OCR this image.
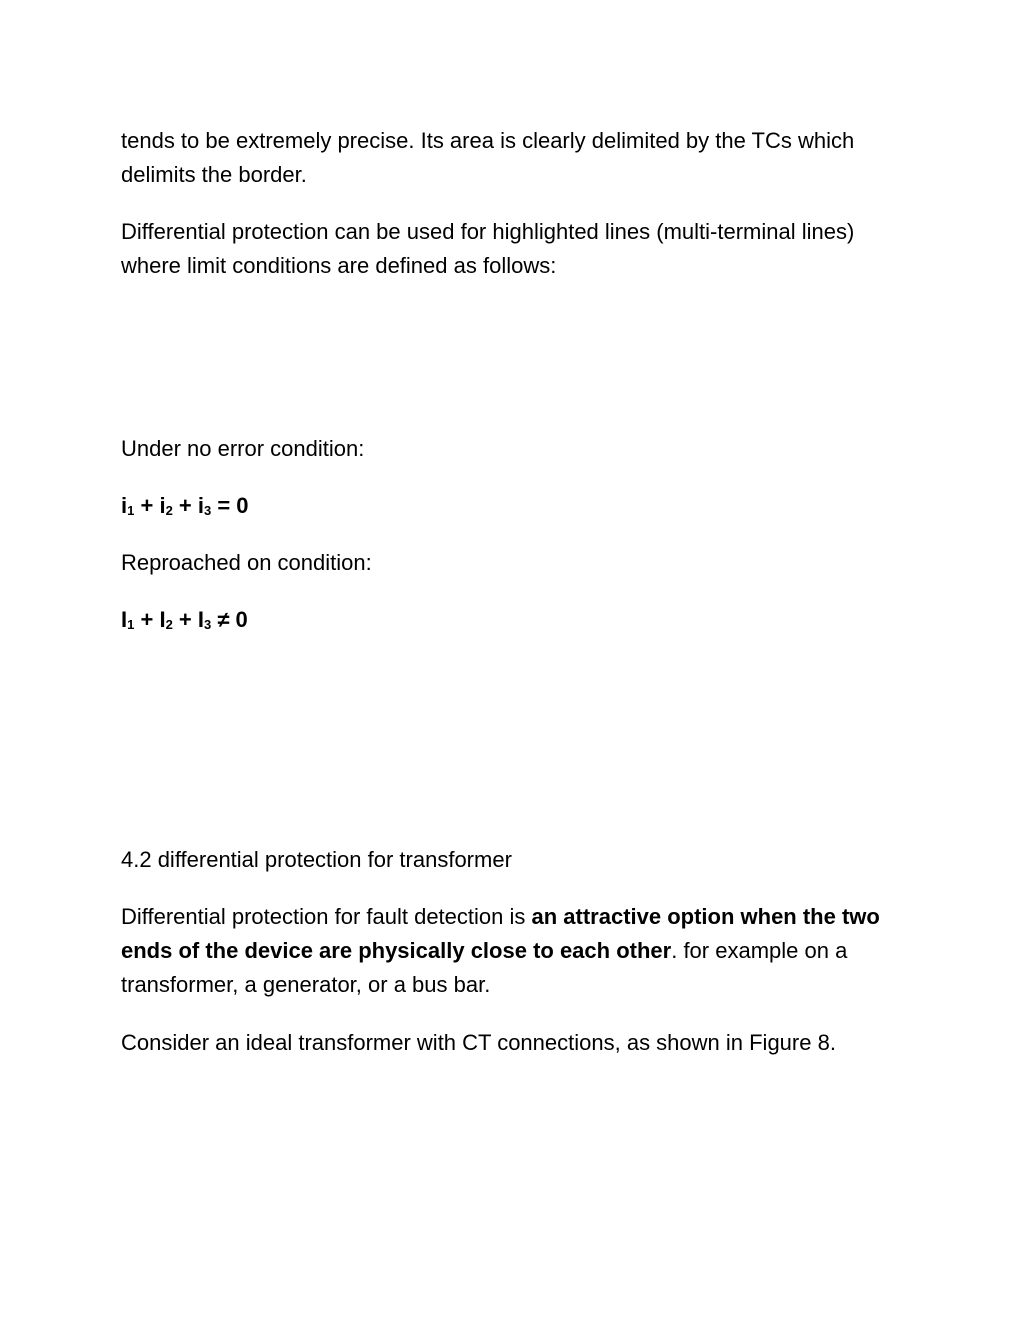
tends to be extremely precise. Its area is clearly delimited by the TCs which delimits the border.

Differential protection can be used for highlighted lines (multi-terminal lines) where limit conditions are defined as follows:

Under no error condition:

i1 + i2 + i3 = 0

Reproached on condition:

I1 + I2 + I3 ≠ 0

4.2 differential protection for transformer

Differential protection for fault detection is an attractive option when the two ends of the device are physically close to each other. for example on a transformer, a generator, or a bus bar.

Consider an ideal transformer with CT connections, as shown in Figure 8.
